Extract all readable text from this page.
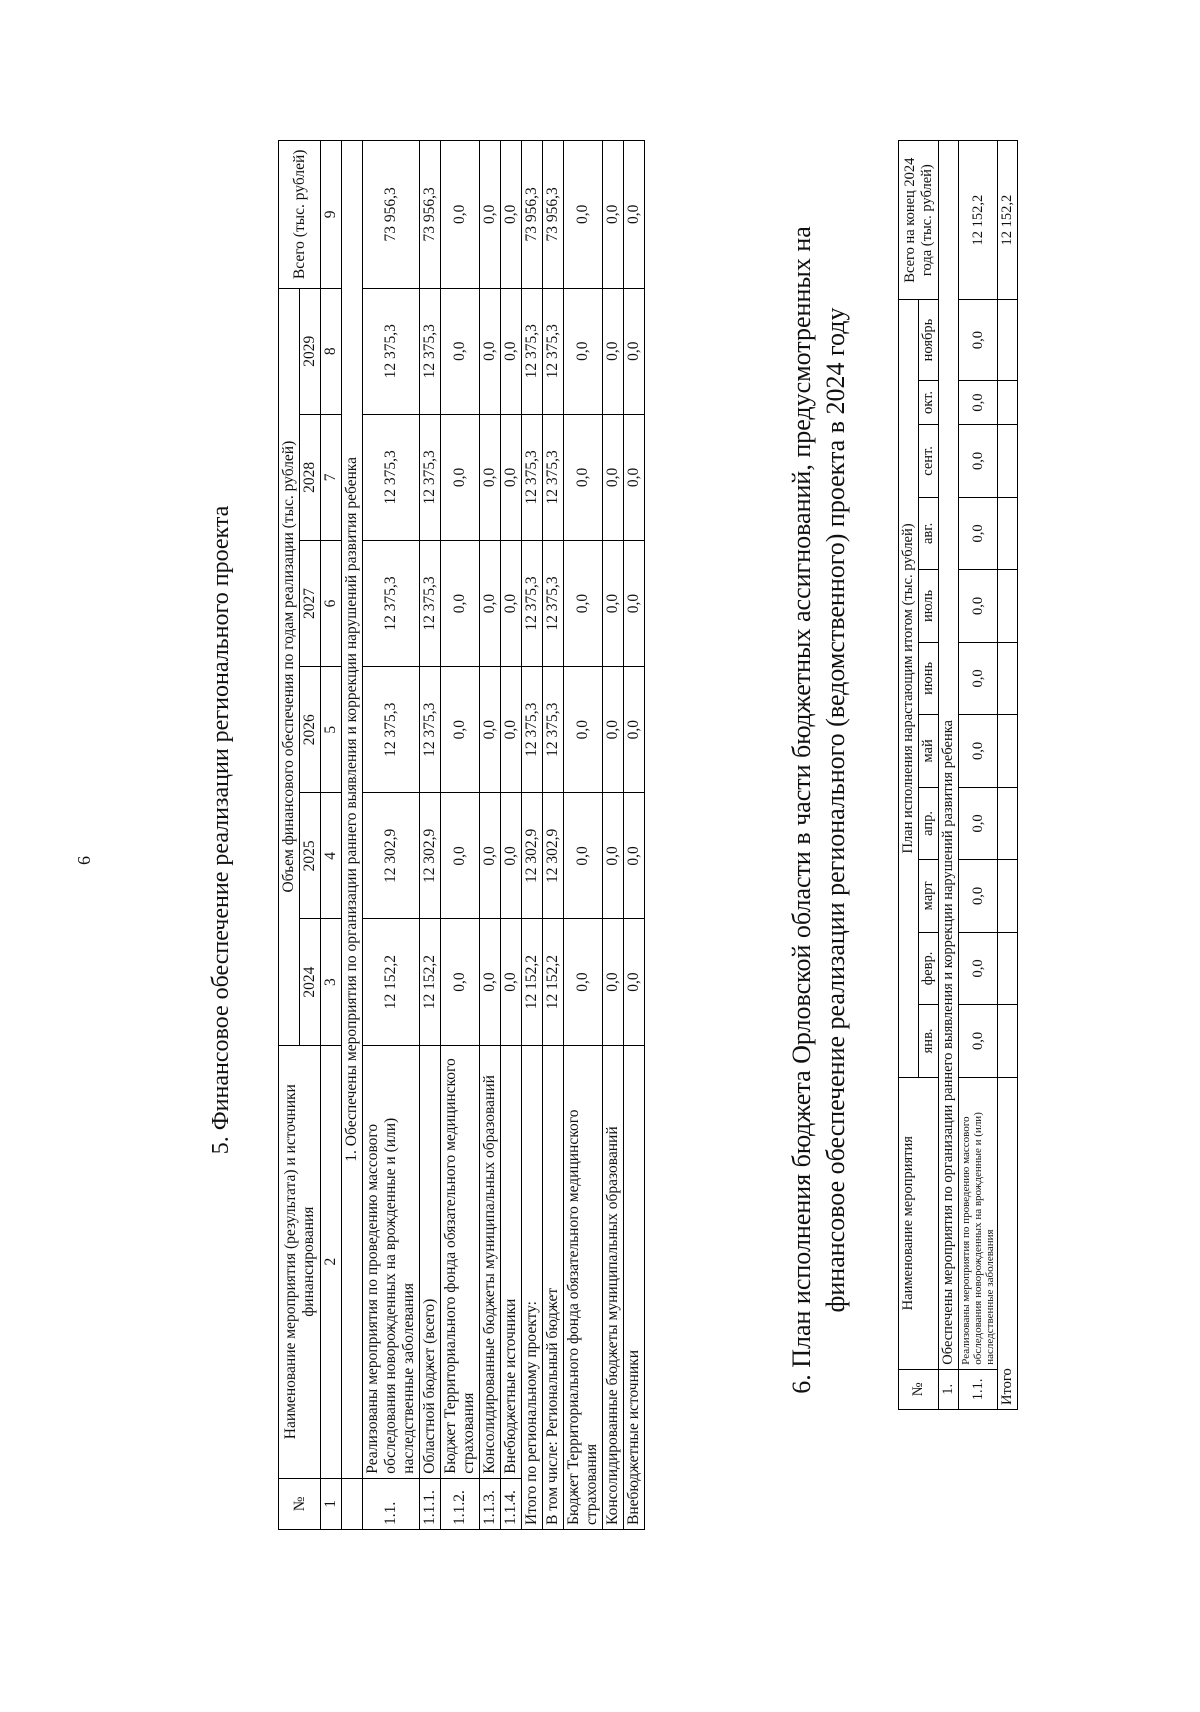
6	5. Финансовое обеспечение реализации регионального проекта
№	Наименование мероприятия (результата) и источники финансирования	Объем финансового обеспечения по годам реализации (тыс. рублей)						Всего (тыс. рублей)
		2024	2025	2026	2027	2028	2029	
1	2	3	4	5	6	7	8	9
	1. Обеспечены мероприятия по организации раннего выявления и коррекции нарушений развития ребенка							
1.1.	Реализованы мероприятия по проведению массового обследования новорожденных на врожденные и (или) наследственные заболевания	12 152,2	12 302,9	12 375,3	12 375,3	12 375,3	12 375,3	73 956,3
1.1.1.	Областной бюджет (всего)	12 152,2	12 302,9	12 375,3	12 375,3	12 375,3	12 375,3	73 956,3
1.1.2.	Бюджет Территориального фонда обязательного медицинского страхования	0,0	0,0	0,0	0,0	0,0	0,0	0,0
1.1.3.	Консолидированные бюджеты муниципальных образований	0,0	0,0	0,0	0,0	0,0	0,0	0,0
1.1.4.	Внебюджетные источники	0,0	0,0	0,0	0,0	0,0	0,0	0,0
Итого по региональному проекту:		12 152,2	12 302,9	12 375,3	12 375,3	12 375,3	12 375,3	73 956,3
В том числе: Региональный бюджет		12 152,2	12 302,9	12 375,3	12 375,3	12 375,3	12 375,3	73 956,3
Бюджет Территориального фонда обязательного медицинского страхования		0,0	0,0	0,0	0,0	0,0	0,0	0,0
Консолидированные бюджеты муниципальных образований		0,0	0,0	0,0	0,0	0,0	0,0	0,0
Внебюджетные источники		0,0	0,0	0,0	0,0	0,0	0,0	0,0
6. План исполнения бюджета Орловской области в части бюджетных ассигнований, предусмотренных на финансовое обеспечение реализации регионального (ведомственного) проекта в 2024 году
№	Наименование мероприятия	План исполнения нарастающим итогом (тыс. рублей)											Всего на конец 2024 года (тыс. рублей)
		янв.	февр.	март	апр.	май	июнь	июль	авг.	сент.	окт.	ноябрь	
1.	Обеспечены мероприятия по организации раннего выявления и коррекции нарушений развития ребенка												
1.1.	Реализованы мероприятия по проведению массового обследования новорожденных на врожденные и (или) наследственные заболевания	0,0	0,0	0,0	0,0	0,0	0,0	0,0	0,0	0,0	0,0	0,0	12 152,2
Итого													12 152,2
